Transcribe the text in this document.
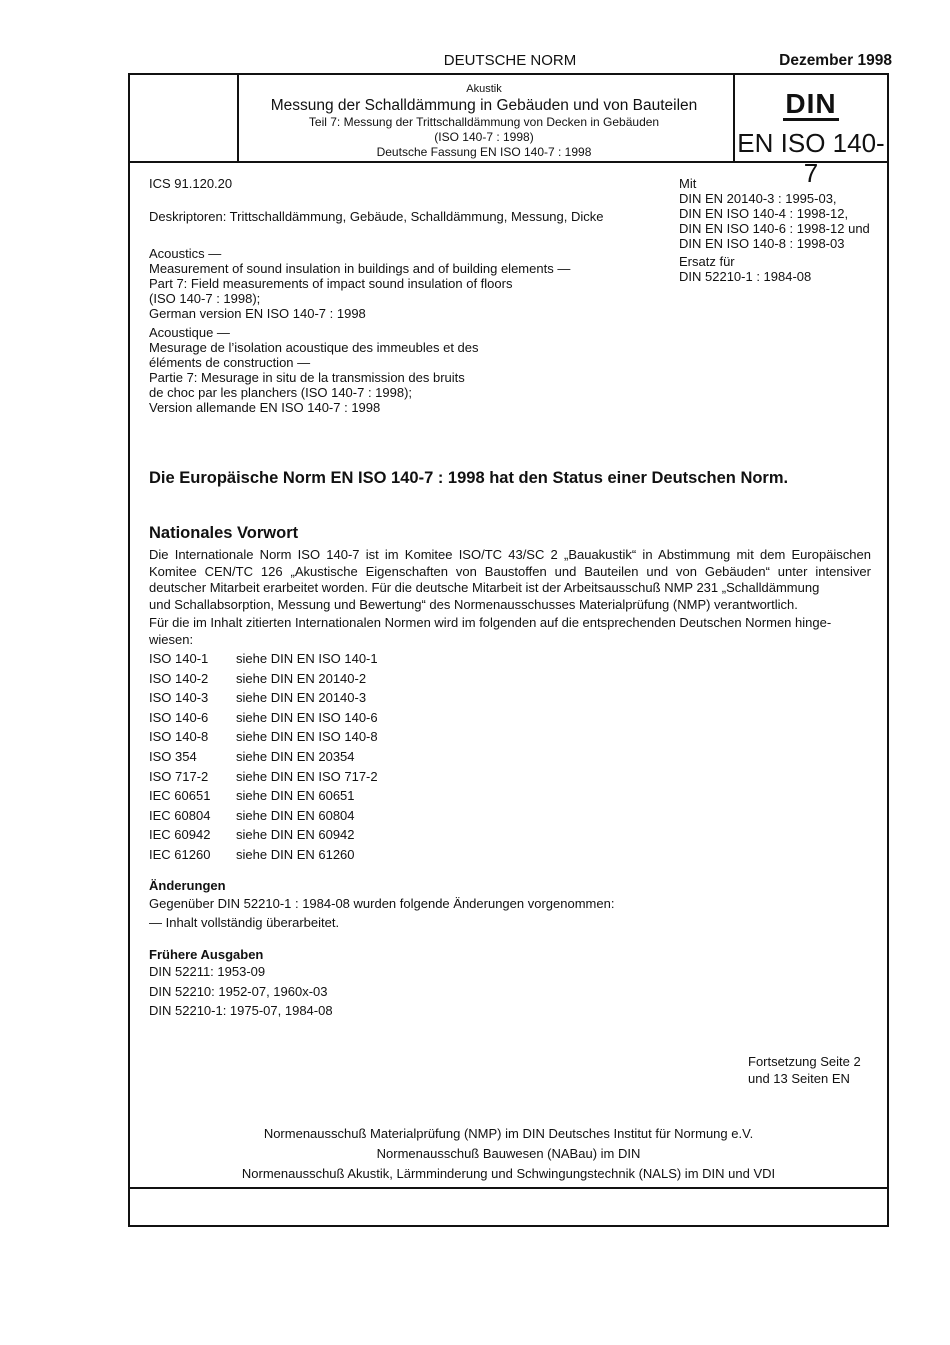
DEUTSCHE NORM	Dezember 1998
Akustik
Messung der Schalldämmung in Gebäuden und von Bauteilen
Teil 7: Messung der Trittschalldämmung von Decken in Gebäuden
(ISO 140-7 : 1998)
Deutsche Fassung EN ISO 140-7 : 1998
DIN
EN ISO 140-7
ICS 91.120.20
Deskriptoren: Trittschalldämmung, Gebäude, Schalldämmung, Messung, Dicke
Acoustics —
Measurement of sound insulation in buildings and of building elements —
Part 7: Field measurements of impact sound insulation of floors
(ISO 140-7 : 1998);
German version EN ISO 140-7 : 1998
Acoustique —
Mesurage de l’isolation acoustique des immeubles et des
éléments de construction —
Partie 7: Mesurage in situ de la transmission des bruits
de choc par les planchers (ISO 140-7 : 1998);
Version allemande EN ISO 140-7 : 1998
Mit
DIN EN 20140-3 : 1995-03,
DIN EN ISO 140-4 : 1998-12,
DIN EN ISO 140-6 : 1998-12 und
DIN EN ISO 140-8 : 1998-03
Ersatz für
DIN 52210-1 : 1984-08
Die Europäische Norm EN ISO 140-7 : 1998 hat den Status einer Deutschen Norm.
Nationales Vorwort
Die Internationale Norm ISO 140-7 ist im Komitee ISO/TC 43/SC 2 „Bauakustik“ in Abstimmung mit dem Europäischen Komitee CEN/TC 126 „Akustische Eigenschaften von Baustoffen und Bauteilen und von Gebäuden“ unter intensiver deutscher Mitarbeit erarbeitet worden. Für die deutsche Mitarbeit ist der Arbeitsausschuß NMP 231 „Schalldämmung
und Schallabsorption, Messung und Bewertung“ des Normenausschusses Materialprüfung (NMP) verantwortlich.
Für die im Inhalt zitierten Internationalen Normen wird im folgenden auf die entsprechenden Deutschen Normen hinge-
wiesen:
ISO 140-1	siehe DIN EN ISO 140-1
ISO 140-2	siehe DIN EN 20140-2
ISO 140-3	siehe DIN EN 20140-3
ISO 140-6	siehe DIN EN ISO 140-6
ISO 140-8	siehe DIN EN ISO 140-8
ISO 354	siehe DIN EN 20354
ISO 717-2	siehe DIN EN ISO 717-2
IEC 60651	siehe DIN EN 60651
IEC 60804	siehe DIN EN 60804
IEC 60942	siehe DIN EN 60942
IEC 61260	siehe DIN EN 61260
Änderungen
Gegenüber DIN 52210-1 : 1984-08 wurden folgende Änderungen vorgenommen:
— Inhalt vollständig überarbeitet.
Frühere Ausgaben
DIN 52211: 1953-09
DIN 52210: 1952-07, 1960x-03
DIN 52210-1: 1975-07, 1984-08
Fortsetzung Seite 2
und 13 Seiten EN
Normenausschuß Materialprüfung (NMP) im DIN Deutsches Institut für Normung e.V.
Normenausschuß Bauwesen (NABau) im DIN
Normenausschuß Akustik, Lärmminderung und Schwingungstechnik (NALS) im DIN und VDI
